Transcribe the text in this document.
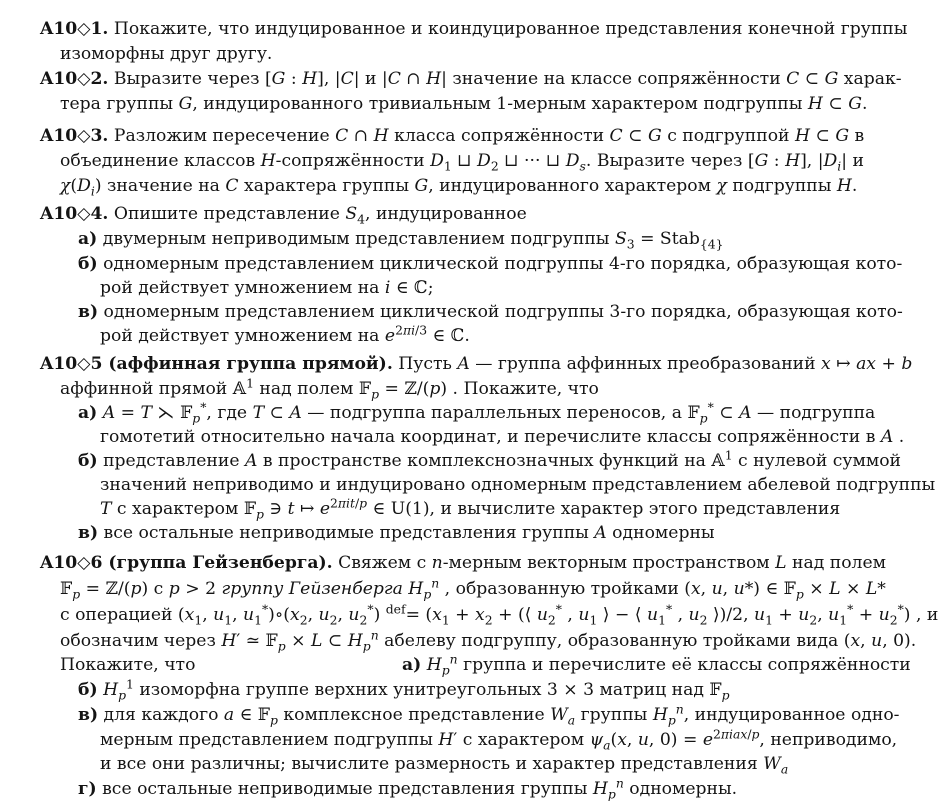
A10◇1. Покажите, что индуцированное и коиндуцированное представления конечной группы
изоморфны друг другу.
A10◇2. Выразите через [G : H], |C| и |C ∩ H| значение на классе сопряжённости C ⊂ G харак-
тера группы G, индуцированного тривиальным 1-мерным характером подгруппы H ⊂ G.
A10◇3. Разложим пересечение C ∩ H класса сопряжённости C ⊂ G с подгруппой H ⊂ G в
объединение классов H-сопряжённости $D_1$ ⊔ $D_2$ ⊔ ··· ⊔ $D_s$. Выразите через [G : H], $|D_i|$ и
$\chi(D_i)$ значение на C характера группы G, индуцированного характером χ подгруппы H.
A10◇4. Опишите представление $S_4$, индуцированное
а) двумерным неприводимым представлением подгруппы $S_3$ = Stab$_{\{4\}}$
б) одномерным представлением циклической подгруппы 4-го порядка, образующая кото-
рой действует умножением на i ∈ ℂ;
в) одномерным представлением циклической подгруппы 3-го порядка, образующая кото-
рой действует умножением на $e^{2\pi i/3}$ ∈ ℂ.
A10◇5 (аффинная группа прямой). Пусть A — группа аффинных преобразований x ↦ ax + b
аффинной прямой 𝔸$^1$ над полем 𝔽$_p$ = ℤ/(p) . Покажите, что
а) A = T ⋋ 𝔽$_p$*, где T ⊂ A — подгруппа параллельных переносов, а 𝔽$_p$* ⊂ A — подгруппа
гомотетий относительно начала координат, и перечислите классы сопряжённости в A .
б) представление A в пространстве комплекснозначных функций на 𝔸$^1$ с нулевой суммой
значений неприводимо и индуцировано одномерным представлением абелевой подгруппы
T с характером 𝔽$_p$ ∋ t ↦ $e^{2\pi it/p}$ ∈ U(1), и вычислите характер этого представления
в) все остальные неприводимые представления группы A одномерны
A10◇6 (группа Гейзенберга). Свяжем с n-мерным векторным пространством L над полем
𝔽$_p$ = ℤ/(p) с p > 2 группу Гейзенберга $H_p^n$ , образованную тройками (x, u, u*) ∈ 𝔽$_p$ × L × L*
с операцией ($x_1$, $u_1$, $u_1^*)\circ(x_2$, $u_2$, $u_2^*$) $^{def}= (x_1 + x_2$ + (⟨ $u_2^*$ , $u_1$ ⟩ − ⟨ $u_1^*$ , $u_2$ ⟩)/2, $u_1 + u_2$, $u_1^* + u_2^*$) , и
обозначим через H′ ≃ 𝔽$_p$ × L ⊂ $H_p^n$ абелеву подгруппу, образованную тройками вида (x, u, 0).
Покажите, что	а) $H_p^n$ группа и перечислите её классы сопряжённости
б) $H_p^1$ изоморфна группе верхних унитреугольных 3 × 3 матриц над 𝔽$_p$
в) для каждого a ∈ 𝔽$_p$ комплексное представление $W_a$ группы $H_p^n$, индуцированное одно-
мерным представлением подгруппы H′ с характером $\psi_a(x$, u, $0) = e^{2\pi iax/p}$, неприводимо,
и все они различны; вычислите размерность и характер представления $W_a$
г) все остальные неприводимые представления группы $H_p^n$ одномерны.
